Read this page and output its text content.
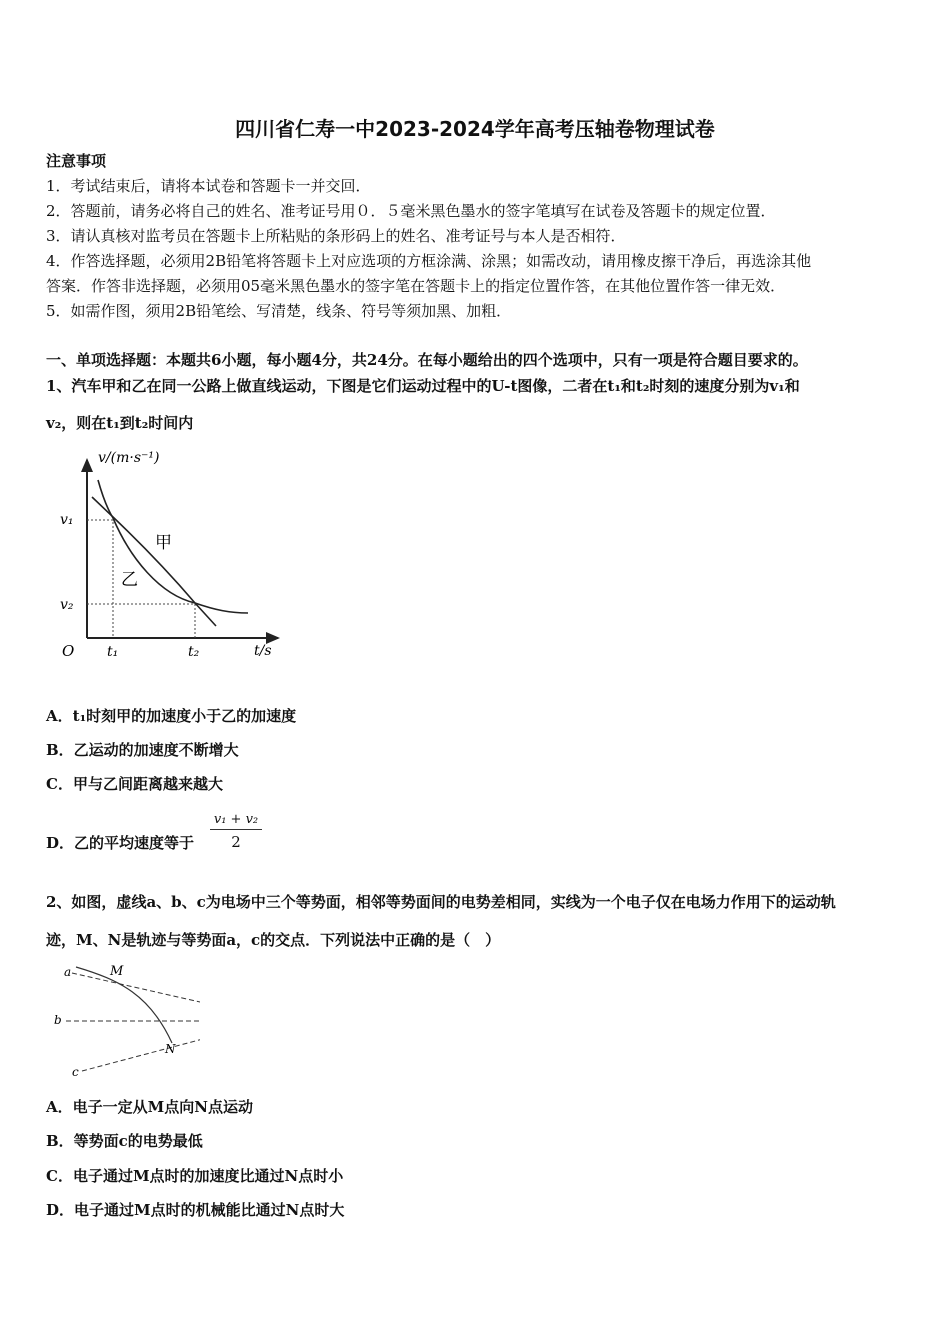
四川省仁寿一中2023-2024学年高考压轴卷物理试卷
注意事项
1．考试结束后，请将本试卷和答题卡一并交回．
2．答题前，请务必将自己的姓名、准考证号用０．５毫米黑色墨水的签字笔填写在试卷及答题卡的规定位置．
3．请认真核对监考员在答题卡上所粘贴的条形码上的姓名、准考证号与本人是否相符．
4．作答选择题，必须用2B铅笔将答题卡上对应选项的方框涂满、涂黑；如需改动，请用橡皮擦干净后，再选涂其他
答案．作答非选择题，必须用05毫米黑色墨水的签字笔在答题卡上的指定位置作答，在其他位置作答一律无效．
5．如需作图，须用2B铅笔绘、写清楚，线条、符号等须加黑、加粗．
一、单项选择题：本题共6小题，每小题4分，共24分。在每小题给出的四个选项中，只有一项是符合题目要求的。
1、汽车甲和乙在同一公路上做直线运动，下图是它们运动过程中的U-t图像，二者在t₁和t₂时刻的速度分别为v₁和
v₂，则在t₁到t₂时间内
v/(m·s⁻¹)
t/s
O
v₁
v₂
t₁	t₂
甲
乙
A．t₁时刻甲的加速度小于乙的加速度
B．乙运动的加速度不断增大
C．甲与乙间距离越来越大
D．乙的平均速度等于 $\frac{\text{v₁ + v₂}}{2}$
2、如图，虚线a、b、c为电场中三个等势面，相邻等势面间的电势差相同，实线为一个电子仅在电场力作用下的运动轨
迹，M、N是轨迹与等势面a，c的交点．下列说法中正确的是（　）
a
b
c
M
N
A．电子一定从M点向N点运动
B．等势面c的电势最低
C．电子通过M点时的加速度比通过N点时小
D．电子通过M点时的机械能比通过N点时大
